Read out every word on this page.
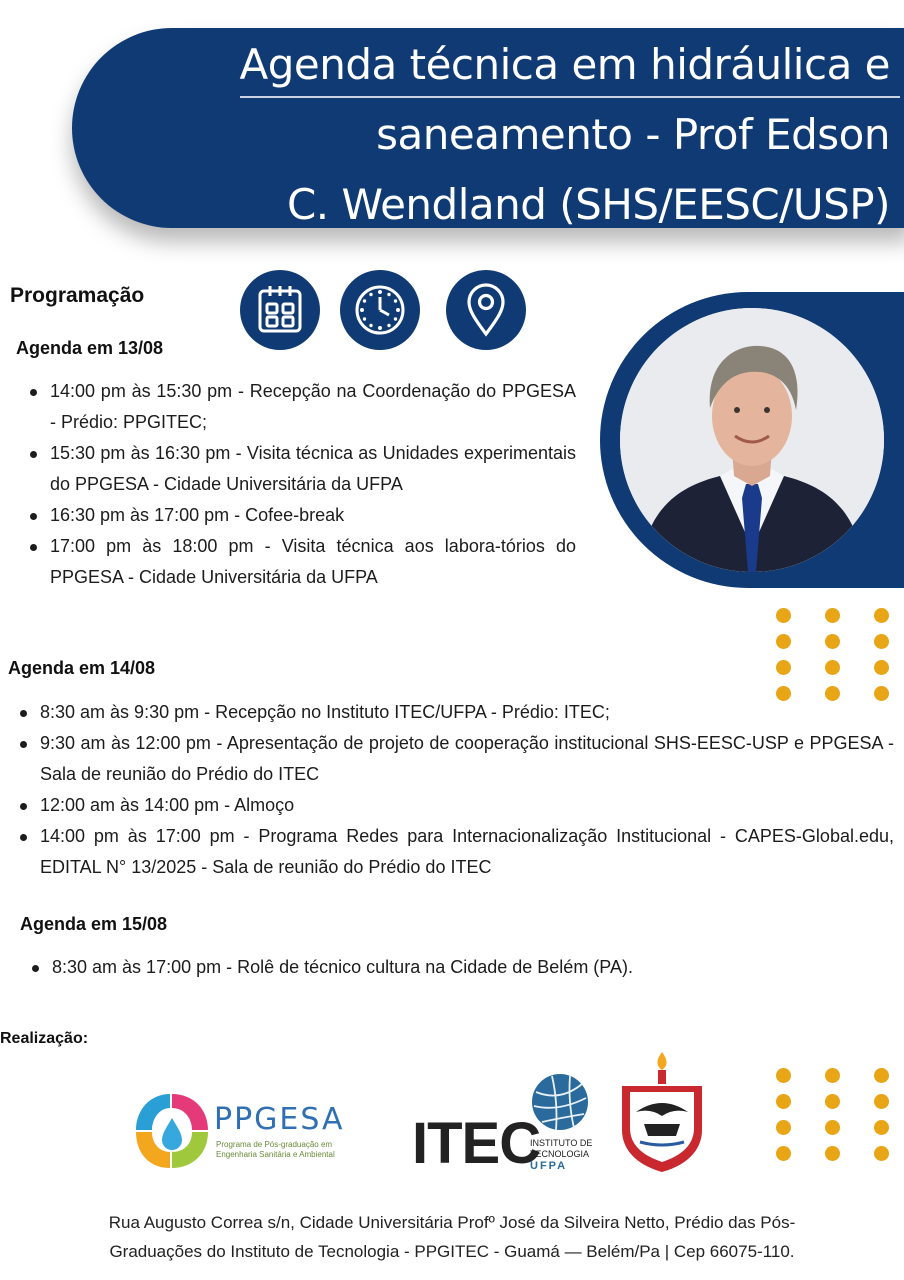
Agenda técnica em hidráulica e
saneamento - Prof Edson
C. Wendland (SHS/EESC/USP)
Programação
Agenda em 13/08
14:00 pm às 15:30 pm - Recepção na Coordenação do PPGESA - Prédio: PPGITEC;
15:30 pm às 16:30 pm - Visita técnica as Unidades experimentais do PPGESA - Cidade Universitária da UFPA
16:30 pm às 17:00 pm - Cofee-break
17:00 pm às 18:00 pm - Visita técnica aos labora-tórios do PPGESA - Cidade Universitária da UFPA
Agenda em 14/08
8:30 am às 9:30 pm - Recepção no Instituto ITEC/UFPA - Prédio: ITEC;
9:30 am às 12:00 pm - Apresentação de projeto de cooperação institucional SHS-EESC-USP e PPGESA - Sala de reunião do Prédio do ITEC
12:00 am às 14:00 pm - Almoço
14:00 pm às 17:00 pm - Programa Redes para Internacionalização Institucional - CAPES-Global.edu, EDITAL N° 13/2025 - Sala de reunião do Prédio do ITEC
Agenda em 15/08
8:30 am às 17:00 pm - Rolê de técnico cultura na Cidade de Belém (PA).
Realização:
PPGESA
Programa de Pós-graduação em
Engenharia Sanitária e Ambiental ITEC
INSTITUTO DE
TECNOLOGIA
UFPA
Rua Augusto Correa s/n, Cidade Universitária Profº José da Silveira Netto, Prédio das Pós-
Graduações do Instituto de Tecnologia - PPGITEC - Guamá — Belém/Pa | Cep 66075-110.
